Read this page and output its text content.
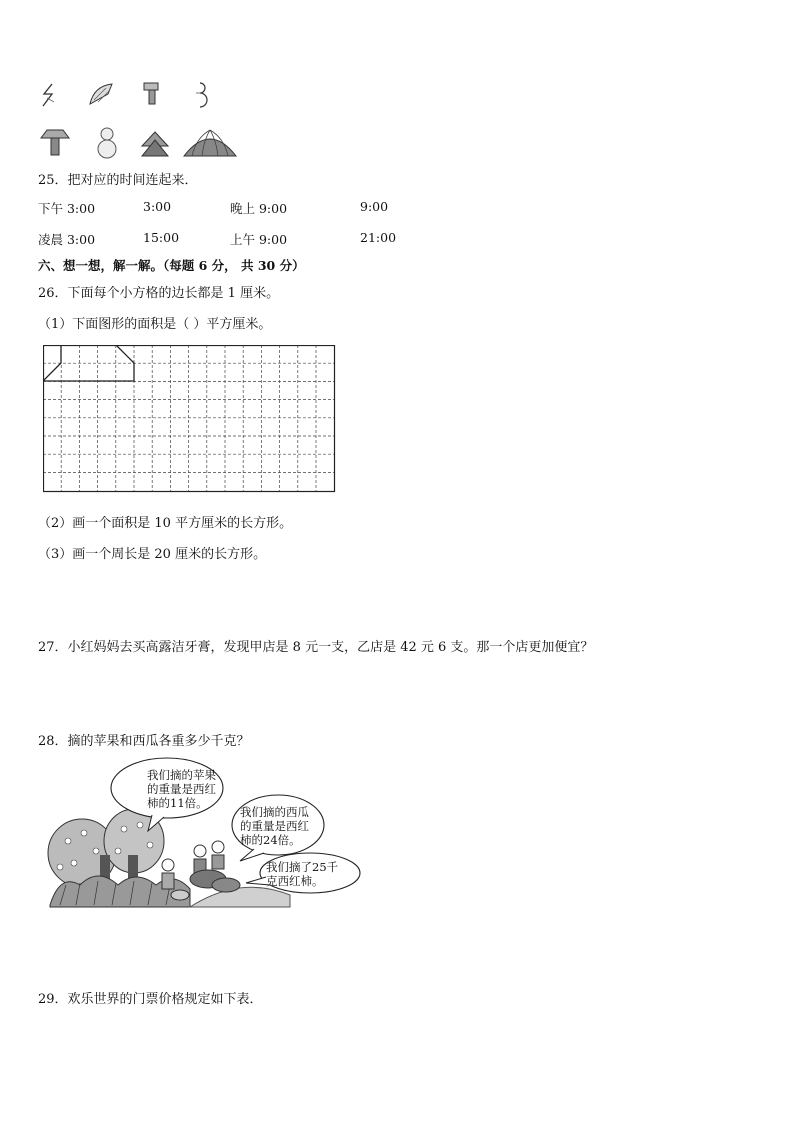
25．把对应的时间连起来．
下午 3:00	3:00	晚上 9:00	9:00
凌晨 3:00	15:00	上午 9:00	21:00
六、想一想，解一解。（每题 6 分， 共 30 分）
26．下面每个小方格的边长都是 1 厘米。
（1）下面图形的面积是（ ）平方厘米。
（2）画一个面积是 10 平方厘米的长方形。
（3）画一个周长是 20 厘米的长方形。
27．小红妈妈去买高露洁牙膏，发现甲店是 8 元一支，乙店是 42 元 6 支。那一个店更加便宜？
28．摘的苹果和西瓜各重多少千克？
我们摘的苹果
的重量是西红
柿的11倍。
我们摘的西瓜
的重量是西红
柿的24倍。
我们摘了25千
克西红柿。
29．欢乐世界的门票价格规定如下表．
